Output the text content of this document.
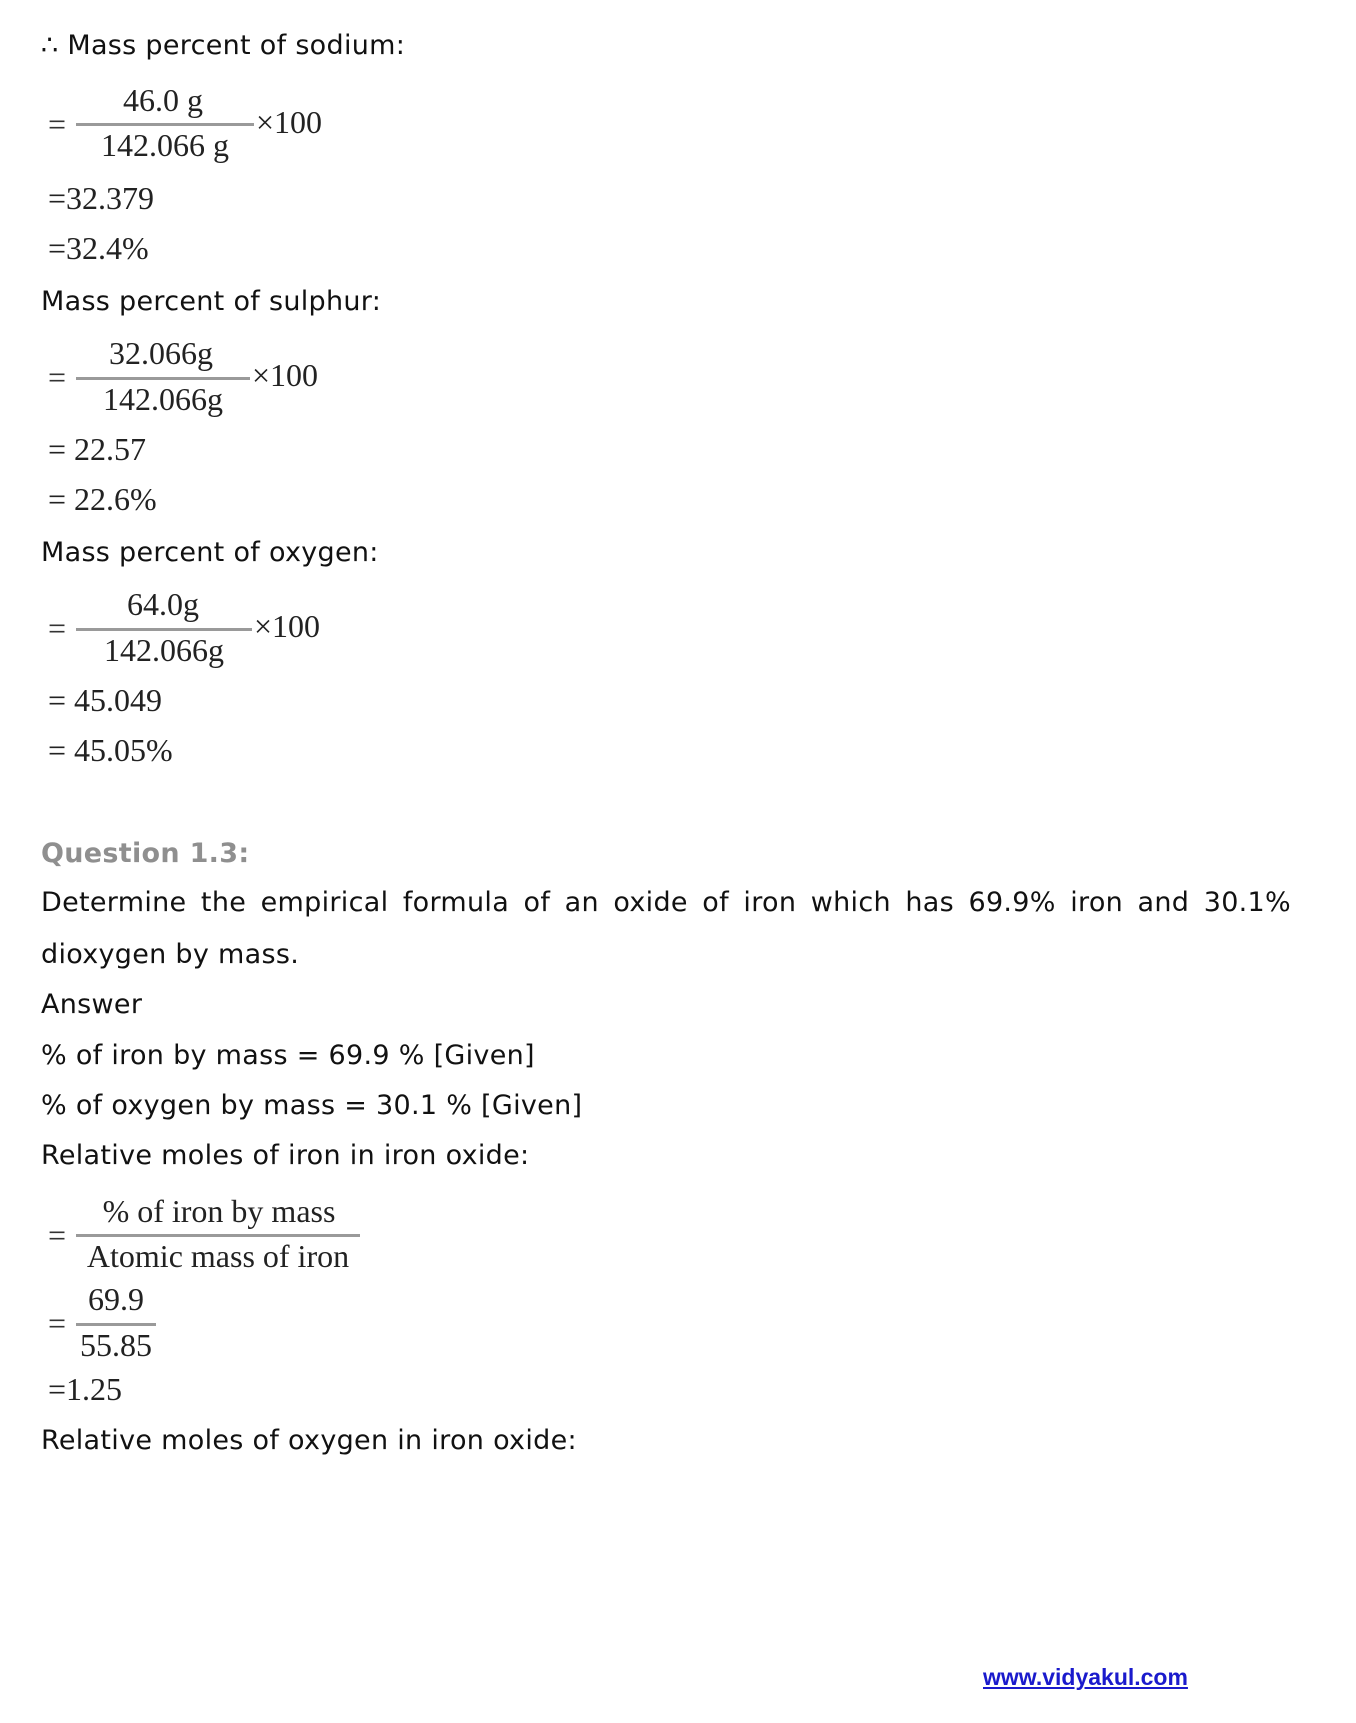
∴ Mass percent of sodium:
=
46.0 g
142.066 g
×100
=32.379
=32.4%
Mass percent of sulphur:
=
32.066g
142.066g
×100
= 22.57
= 22.6%
Mass percent of oxygen:
=
64.0g
142.066g
×100
= 45.049
= 45.05%
Question 1.3:
Determine the empirical formula of an oxide of iron which has 69.9% iron and 30.1%
dioxygen by mass.
Answer
% of iron by mass = 69.9 % [Given]
% of oxygen by mass = 30.1 % [Given]
Relative moles of iron in iron oxide:
=
% of iron by mass
Atomic mass of iron
=
69.9
55.85
=1.25
Relative moles of oxygen in iron oxide:
www.vidyakul.com
